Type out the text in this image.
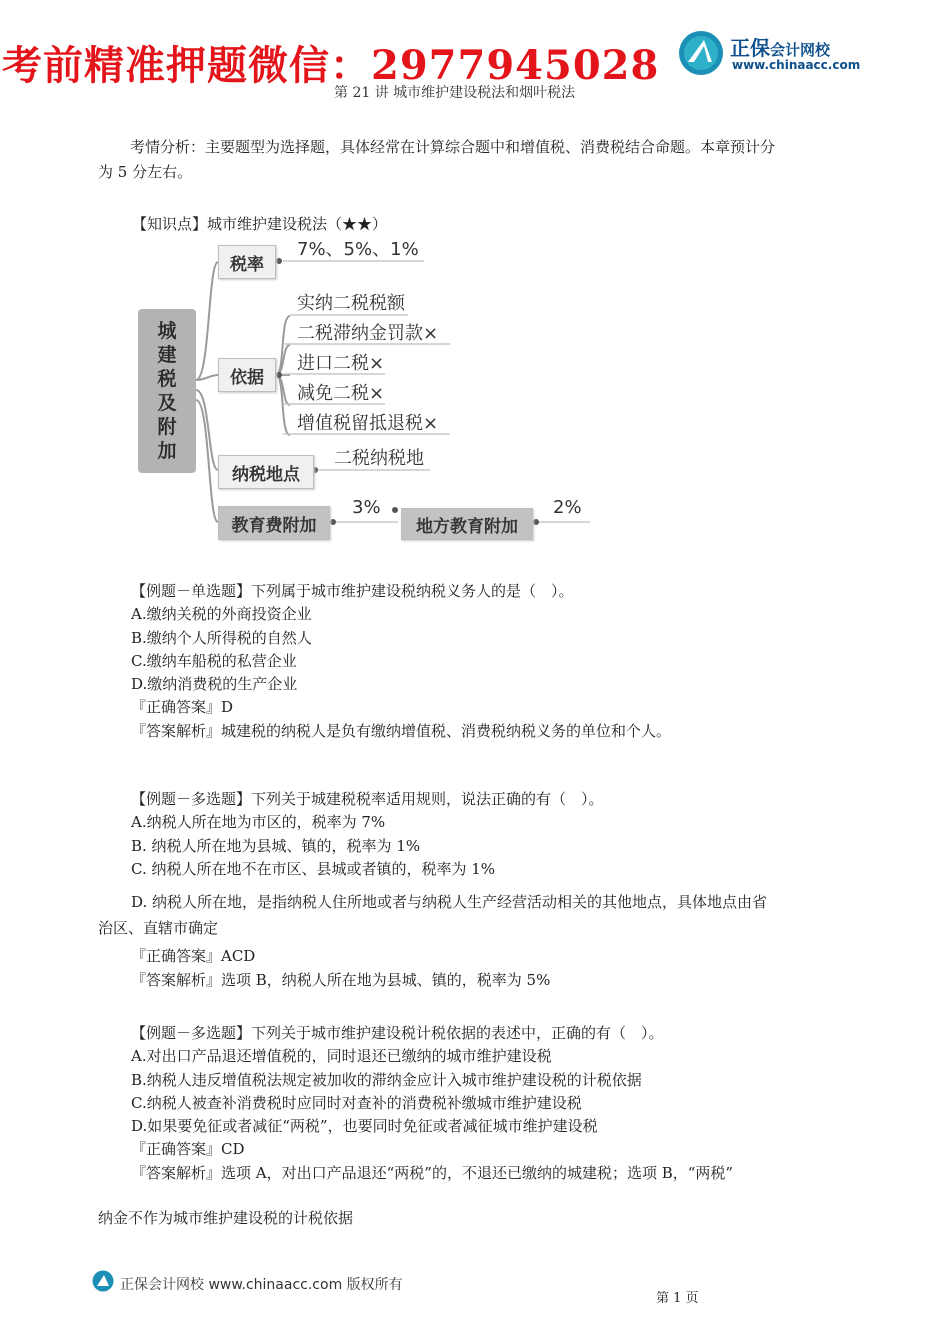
考前精准押题微信：2977945028	正保会计网校
www.chinaacc.com
第 21 讲 城市维护建设税法和烟叶税法
考情分析：主要题型为选择题，具体经常在计算综合题中和增值税、消费税结合命题。本章预计分
为 5 分左右。
【知识点】城市维护建设税法（★★）
城
建
税
及
附
加
税率
7%、5%、1%
依据
实纳二税税额
二税滞纳金罚款×
进口二税×
减免二税×
增值税留抵退税×
纳税地点
二税纳税地
教育费附加
3%
地方教育附加
2%
【例题－单选题】下列属于城市维护建设税纳税义务人的是（　）。
A.缴纳关税的外商投资企业
B.缴纳个人所得税的自然人
C.缴纳车船税的私营企业
D.缴纳消费税的生产企业
『正确答案』D
『答案解析』城建税的纳税人是负有缴纳增值税、消费税纳税义务的单位和个人。
【例题－多选题】下列关于城建税税率适用规则，说法正确的有（　）。
A.纳税人所在地为市区的，税率为 7%
B. 纳税人所在地为县城、镇的，税率为 1%
C. 纳税人所在地不在市区、县城或者镇的，税率为 1%
D. 纳税人所在地，是指纳税人住所地或者与纳税人生产经营活动相关的其他地点，具体地点由省
治区、直辖市确定
『正确答案』ACD
『答案解析』选项 B，纳税人所在地为县城、镇的，税率为 5%
【例题－多选题】下列关于城市维护建设税计税依据的表述中，正确的有（　）。
A.对出口产品退还增值税的，同时退还已缴纳的城市维护建设税
B.纳税人违反增值税法规定被加收的滞纳金应计入城市维护建设税的计税依据
C.纳税人被查补消费税时应同时对查补的消费税补缴城市维护建设税
D.如果要免征或者减征“两税”，也要同时免征或者减征城市维护建设税
『正确答案』CD
『答案解析』选项 A，对出口产品退还“两税”的，不退还已缴纳的城建税；选项 B，“两税”
纳金不作为城市维护建设税的计税依据
正保会计网校 www.chinaacc.com 版权所有
第 1 页
